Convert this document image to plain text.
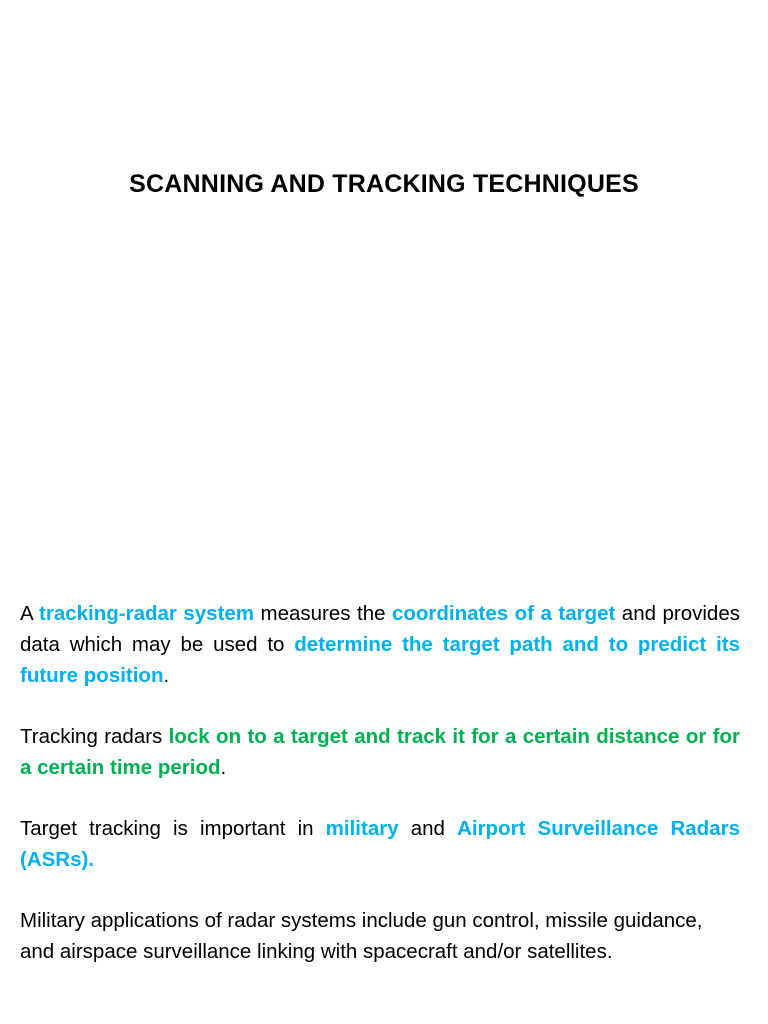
SCANNING AND TRACKING TECHNIQUES

A tracking-radar system measures the coordinates of a target and provides data which may be used to determine the target path and to predict its future position.

Tracking radars lock on to a target and track it for a certain distance or for a certain time period.

Target tracking is important in military and Airport Surveillance Radars (ASRs).

Military applications of radar systems include gun control, missile guidance, and airspace surveillance linking with spacecraft and/or satellites.
